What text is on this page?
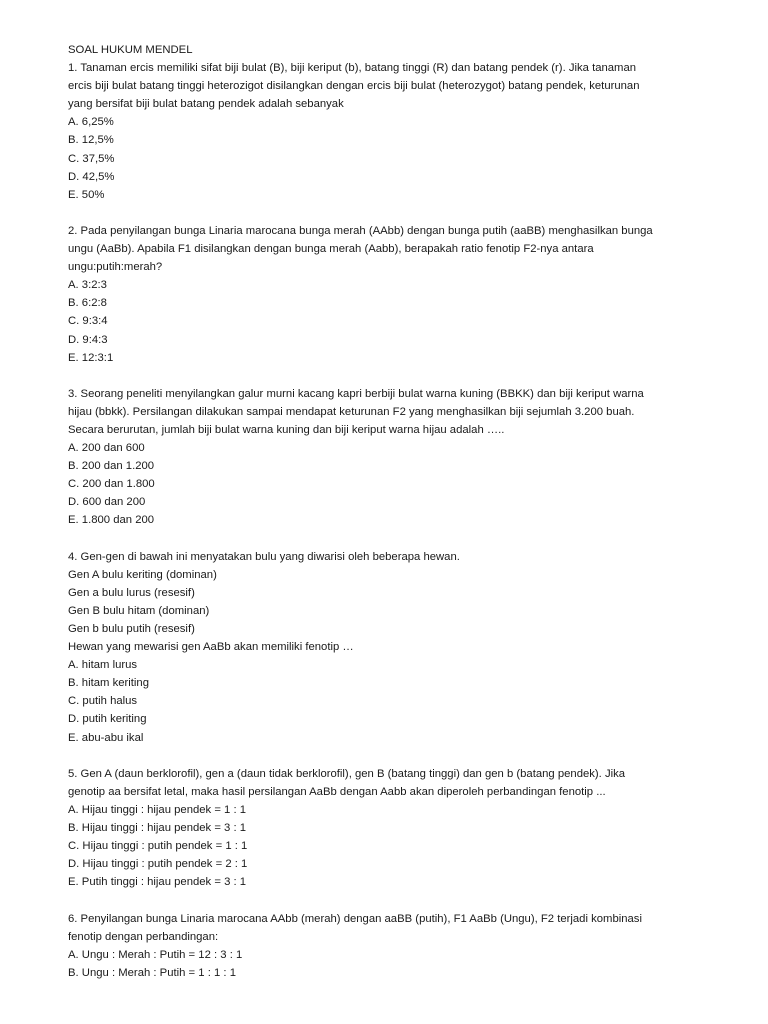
SOAL HUKUM MENDEL

1. Tanaman ercis memiliki sifat biji bulat (B), biji keriput (b), batang tinggi (R) dan batang pendek (r). Jika tanaman

ercis biji bulat batang tinggi heterozigot disilangkan dengan ercis biji bulat (heterozygot) batang pendek, keturunan

yang bersifat biji bulat batang pendek adalah sebanyak

A. 6,25%

B. 12,5%

C. 37,5%

D. 42,5%

E. 50%

2. Pada penyilangan bunga Linaria marocana bunga merah (AAbb) dengan bunga putih (aaBB) menghasilkan bunga

ungu (AaBb). Apabila F1 disilangkan dengan bunga merah (Aabb), berapakah ratio fenotip F2-nya antara

ungu:putih:merah?

A. 3:2:3

B. 6:2:8

C. 9:3:4

D. 9:4:3

E. 12:3:1

3. Seorang peneliti menyilangkan galur murni kacang kapri berbiji bulat warna kuning (BBKK) dan biji keriput warna

hijau (bbkk). Persilangan dilakukan sampai mendapat keturunan F2 yang menghasilkan biji sejumlah 3.200 buah.

Secara berurutan, jumlah biji bulat warna kuning dan biji keriput warna hijau adalah …..

A. 200 dan 600

B. 200 dan 1.200

C. 200 dan 1.800

D. 600 dan 200

E. 1.800 dan 200

4. Gen-gen di bawah ini menyatakan bulu yang diwarisi oleh beberapa hewan.

Gen A bulu keriting (dominan)

Gen a bulu lurus (resesif)

Gen B bulu hitam (dominan)

Gen b bulu putih (resesif)

Hewan yang mewarisi gen AaBb akan memiliki fenotip …

A. hitam lurus

B. hitam keriting

C. putih halus

D. putih keriting

E. abu-abu ikal

5. Gen A (daun berklorofil), gen a (daun tidak berklorofil), gen B (batang tinggi) dan gen b (batang pendek). Jika

genotip aa bersifat letal, maka hasil persilangan AaBb dengan Aabb akan diperoleh perbandingan fenotip ...

A. Hijau tinggi : hijau pendek = 1 : 1

B. Hijau tinggi : hijau pendek = 3 : 1

C. Hijau tinggi : putih pendek = 1 : 1

D. Hijau tinggi : putih pendek = 2 : 1

E. Putih tinggi : hijau pendek = 3 : 1

6. Penyilangan bunga Linaria marocana AAbb (merah) dengan aaBB (putih), F1 AaBb (Ungu), F2 terjadi kombinasi

fenotip dengan perbandingan:

A. Ungu : Merah : Putih = 12 : 3 : 1

B. Ungu : Merah : Putih = 1 : 1 : 1
